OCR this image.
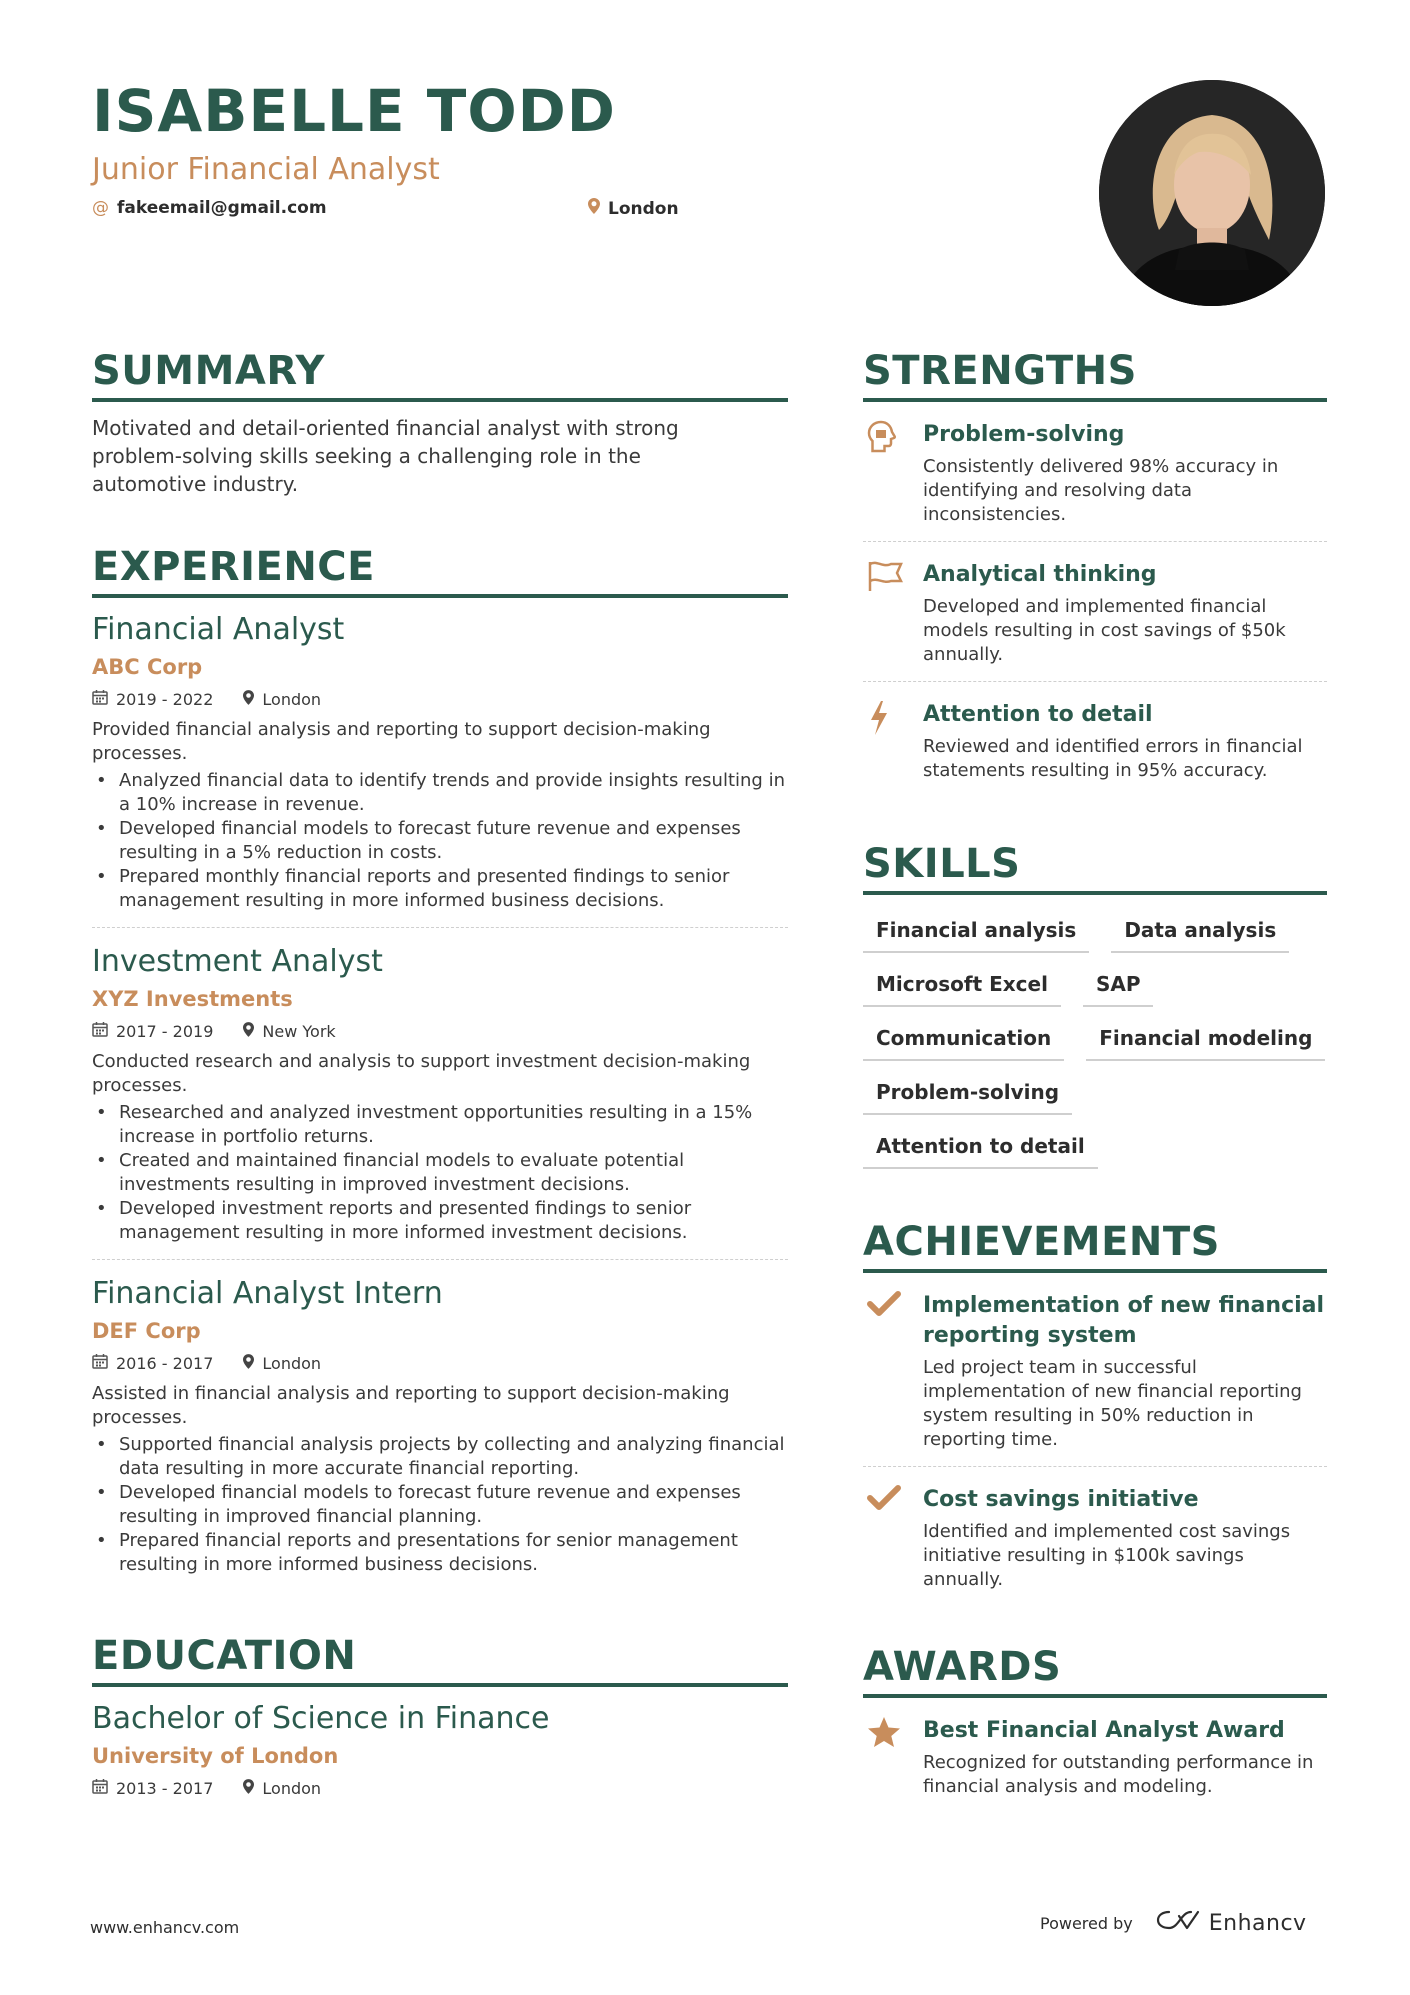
ISABELLE TODD
Junior Financial Analyst
@ fakeemail@gmail.com	London
SUMMARY

Motivated and detail-oriented financial analyst with strong problem-solving skills seeking a challenging role in the automotive industry.

EXPERIENCE
Financial Analyst
ABC Corp
2019 - 2022	London

Provided financial analysis and reporting to support decision-making processes.

• Analyzed financial data to identify trends and provide insights resulting in a 10% increase in revenue.
• Developed financial models to forecast future revenue and expenses resulting in a 5% reduction in costs.
• Prepared monthly financial reports and presented findings to senior management resulting in more informed business decisions.
Investment Analyst
XYZ Investments
2017 - 2019	New York

Conducted research and analysis to support investment decision-making processes.

• Researched and analyzed investment opportunities resulting in a 15% increase in portfolio returns.
• Created and maintained financial models to evaluate potential investments resulting in improved investment decisions.
• Developed investment reports and presented findings to senior management resulting in more informed investment decisions.
Financial Analyst Intern
DEF Corp
2016 - 2017	London

Assisted in financial analysis and reporting to support decision-making processes.

• Supported financial analysis projects by collecting and analyzing financial data resulting in more accurate financial reporting.
• Developed financial models to forecast future revenue and expenses resulting in improved financial planning.
• Prepared financial reports and presentations for senior management resulting in more informed business decisions.
EDUCATION
Bachelor of Science in Finance
University of London
2013 - 2017	London
STRENGTHS
Problem-solving
Consistently delivered 98% accuracy in identifying and resolving data inconsistencies.
Analytical thinking
Developed and implemented financial models resulting in cost savings of $50k annually.
Attention to detail
Reviewed and identified errors in financial statements resulting in 95% accuracy.
SKILLS
Financial analysis	Data analysis
Microsoft Excel	SAP
Communication	Financial modeling
Problem-solving
Attention to detail
ACHIEVEMENTS
Implementation of new financial reporting system
Led project team in successful implementation of new financial reporting system resulting in 50% reduction in reporting time.
Cost savings initiative
Identified and implemented cost savings initiative resulting in $100k savings annually.
AWARDS
Best Financial Analyst Award
Recognized for outstanding performance in financial analysis and modeling.
www.enhancv.com	Powered by	Enhancv
